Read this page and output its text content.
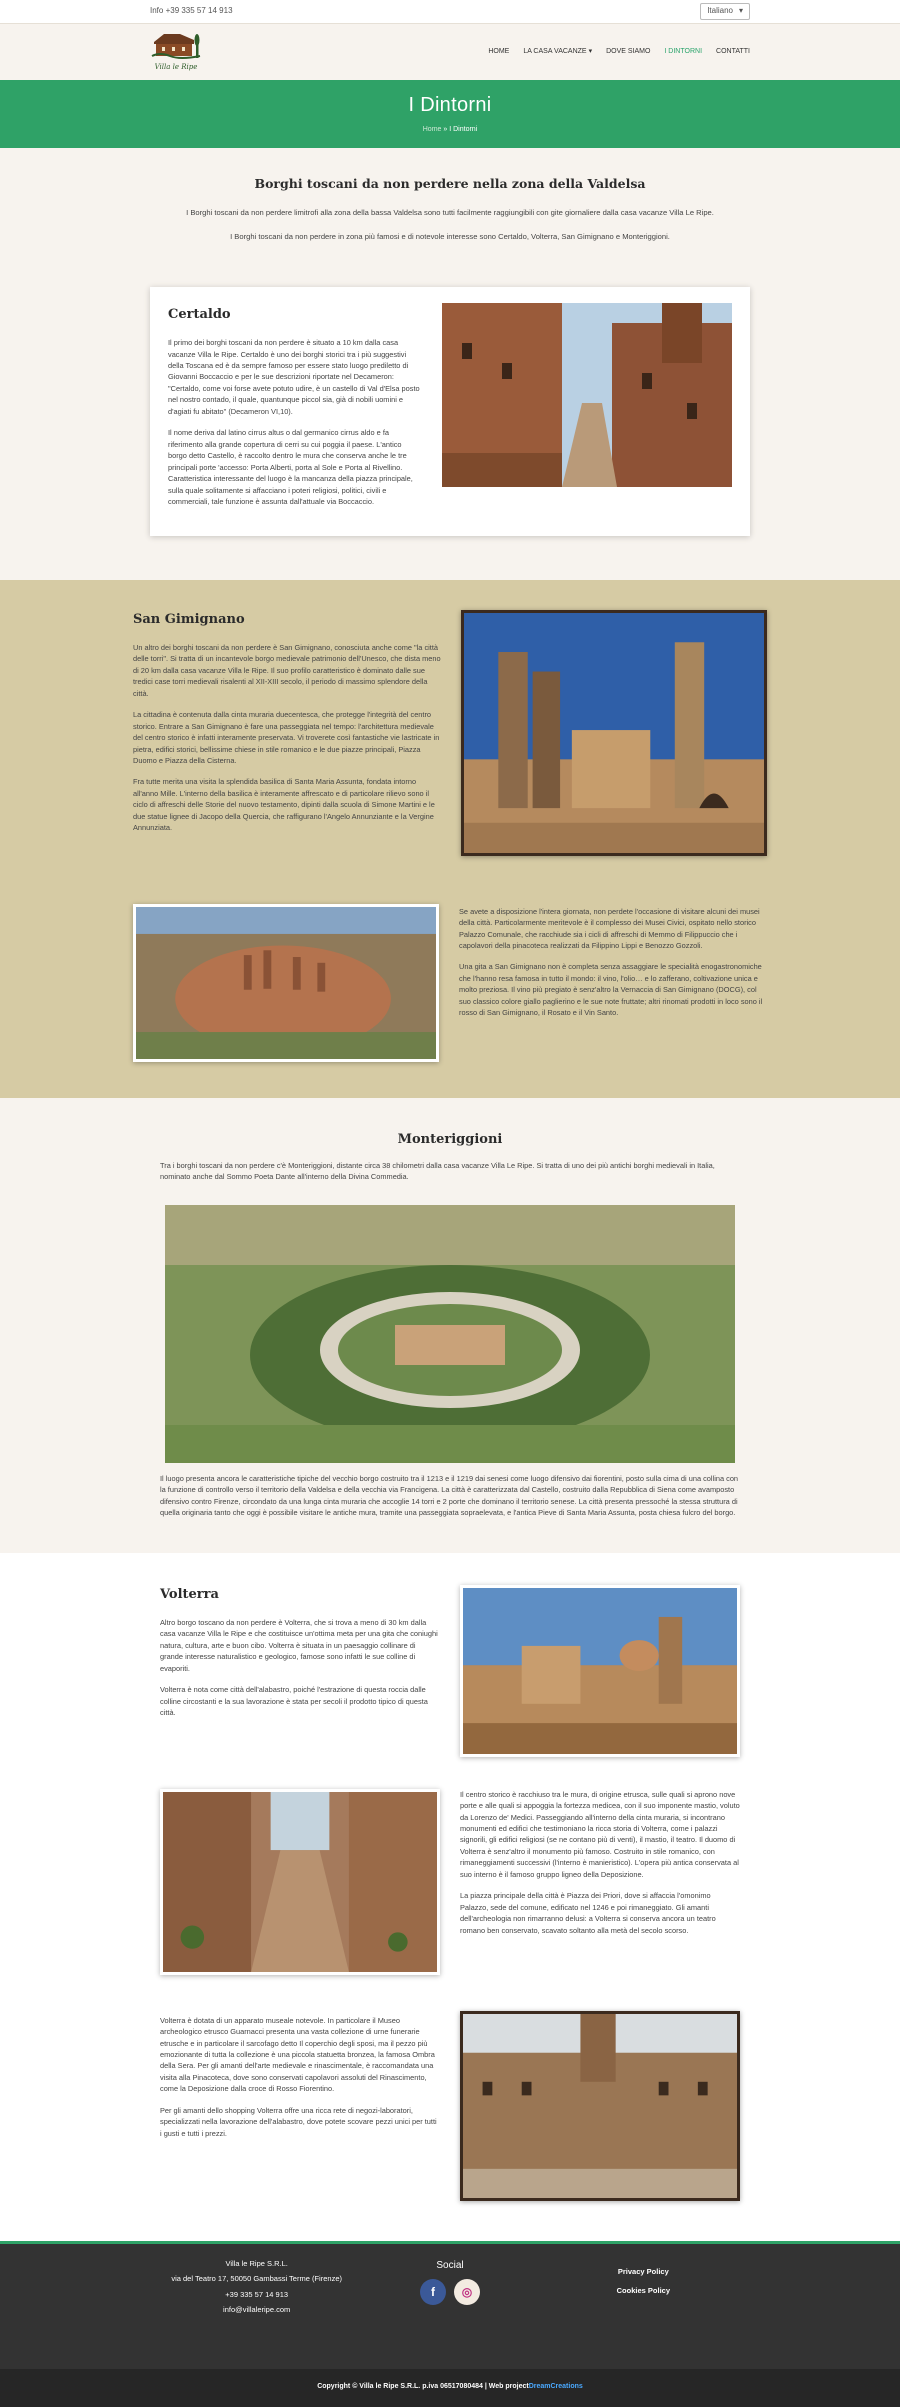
Info +39 335 57 14 913	Italiano ▾
Villa le Ripe
HOME LA CASA VACANZE ▾ DOVE SIAMO I DINTORNI CONTATTI
I Dintorni
Home » I Dintorni
Borghi toscani da non perdere nella zona della Valdelsa

I Borghi toscani da non perdere limitrofi alla zona della bassa Valdelsa sono tutti facilmente raggiungibili con gite giornaliere dalla casa vacanze Villa Le Ripe.

I Borghi toscani da non perdere in zona più famosi e di notevole interesse sono Certaldo, Volterra, San Gimignano e Monteriggioni.

Certaldo

Il primo dei borghi toscani da non perdere è situato a 10 km dalla casa vacanze Villa le Ripe. Certaldo è uno dei borghi storici tra i più suggestivi della Toscana ed è da sempre famoso per essere stato luogo prediletto di Giovanni Boccaccio e per le sue descrizioni riportate nel Decameron: "Certaldo, come voi forse avete potuto udire, è un castello di Val d'Elsa posto nel nostro contado, il quale, quantunque piccol sia, già di nobili uomini e d'agiati fu abitato" (Decameron VI,10).

Il nome deriva dal latino cirrus altus o dal germanico cirrus aldo e fa riferimento alla grande copertura di cerri su cui poggia il paese. L'antico borgo detto Castello, è raccolto dentro le mura che conserva anche le tre principali porte 'accesso: Porta Alberti, porta al Sole e Porta al Rivellino. Caratteristica interessante del luogo è la mancanza della piazza principale, sulla quale solitamente si affacciano i poteri religiosi, politici, civili e commerciali, tale funzione è assunta dall'attuale via Boccaccio.

San Gimignano

Un altro dei borghi toscani da non perdere è San Gimignano, conosciuta anche come "la città delle torri". Si tratta di un incantevole borgo medievale patrimonio dell'Unesco, che dista meno di 20 km dalla casa vacanze Villa le Ripe. Il suo profilo caratteristico è dominato dalle sue tredici case torri medievali risalenti al XII-XIII secolo, il periodo di massimo splendore della città.

La cittadina è contenuta dalla cinta muraria duecentesca, che protegge l'integrità del centro storico. Entrare a San Gimignano è fare una passeggiata nel tempo: l'architettura medievale del centro storico è infatti interamente preservata. Vi troverete così fantastiche vie lastricate in pietra, edifici storici, bellissime chiese in stile romanico e le due piazze principali, Piazza Duomo e Piazza della Cisterna.

Fra tutte merita una visita la splendida basilica di Santa Maria Assunta, fondata intorno all'anno Mille. L'interno della basilica è interamente affrescato e di particolare rilievo sono il ciclo di affreschi delle Storie del nuovo testamento, dipinti dalla scuola di Simone Martini e le due statue lignee di Jacopo della Quercia, che raffigurano l'Angelo Annunziante e la Vergine Annunziata.

Se avete a disposizione l'intera giornata, non perdete l'occasione di visitare alcuni dei musei della città. Particolarmente meritevole è il complesso dei Musei Civici, ospitato nello storico Palazzo Comunale, che racchiude sia i cicli di affreschi di Memmo di Filippuccio che i capolavori della pinacoteca realizzati da Filippino Lippi e Benozzo Gozzoli.

Una gita a San Gimignano non è completa senza assaggiare le specialità enogastronomiche che l'hanno resa famosa in tutto il mondo: il vino, l'olio… e lo zafferano, coltivazione unica e molto preziosa. Il vino più pregiato è senz'altro la Vernaccia di San Gimignano (DOCG), col suo classico colore giallo paglierino e le sue note fruttate; altri rinomati prodotti in loco sono il rosso di San Gimignano, il Rosato e il Vin Santo.

Monteriggioni

Tra i borghi toscani da non perdere c'è Monteriggioni, distante circa 38 chilometri dalla casa vacanze Villa Le Ripe. Si tratta di uno dei più antichi borghi medievali in Italia, nominato anche dal Sommo Poeta Dante all'interno della Divina Commedia.

Il luogo presenta ancora le caratteristiche tipiche del vecchio borgo costruito tra il 1213 e il 1219 dai senesi come luogo difensivo dai fiorentini, posto sulla cima di una collina con la funzione di controllo verso il territorio della Valdelsa e della vecchia via Francigena. La città è caratterizzata dal Castello, costruito dalla Repubblica di Siena come avamposto difensivo contro Firenze, circondato da una lunga cinta muraria che accoglie 14 torri e 2 porte che dominano il territorio senese. La città presenta pressoché la stessa struttura di quella originaria tanto che oggi è possibile visitare le antiche mura, tramite una passeggiata sopraelevata, e l'antica Pieve di Santa Maria Assunta, posta chiesa fulcro del borgo.

Volterra

Altro borgo toscano da non perdere è Volterra, che si trova a meno di 30 km dalla casa vacanze Villa le Ripe e che costituisce un'ottima meta per una gita che coniughi natura, cultura, arte e buon cibo. Volterra è situata in un paesaggio collinare di grande interesse naturalistico e geologico, famose sono infatti le sue colline di evaporiti.

Volterra è nota come città dell'alabastro, poiché l'estrazione di questa roccia dalle colline circostanti e la sua lavorazione è stata per secoli il prodotto tipico di questa città.

Il centro storico è racchiuso tra le mura, di origine etrusca, sulle quali si aprono nove porte e alle quali si appoggia la fortezza medicea, con il suo imponente mastio, voluto da Lorenzo de' Medici. Passeggiando all'interno della cinta muraria, si incontrano monumenti ed edifici che testimoniano la ricca storia di Volterra, come i palazzi signorili, gli edifici religiosi (se ne contano più di venti), il mastio, il teatro. Il duomo di Volterra è senz'altro il monumento più famoso. Costruito in stile romanico, con rimaneggiamenti successivi (l'interno è manieristico). L'opera più antica conservata al suo interno è il famoso gruppo ligneo della Deposizione.

La piazza principale della città è Piazza dei Priori, dove si affaccia l'omonimo Palazzo, sede del comune, edificato nel 1246 e poi rimaneggiato. Gli amanti dell'archeologia non rimarranno delusi: a Volterra si conserva ancora un teatro romano ben conservato, scavato soltanto alla metà del secolo scorso.

Volterra è dotata di un apparato museale notevole. In particolare il Museo archeologico etrusco Guarnacci presenta una vasta collezione di urne funerarie etrusche e in particolare il sarcofago detto Il coperchio degli sposi, ma il pezzo più emozionante di tutta la collezione è una piccola statuetta bronzea, la famosa Ombra della Sera. Per gli amanti dell'arte medievale e rinascimentale, è raccomandata una visita alla Pinacoteca, dove sono conservati capolavori assoluti del Rinascimento, come la Deposizione dalla croce di Rosso Fiorentino.

Per gli amanti dello shopping Volterra offre una ricca rete di negozi-laboratori, specializzati nella lavorazione dell'alabastro, dove potete scovare pezzi unici per tutti i gusti e tutti i prezzi.

Villa le Ripe S.R.L.

via del Teatro 17, 50050 Gambassi Terme (Firenze)

+39 335 57 14 913

info@villaleripe.com

Social
f	◎

Privacy Policy

Cookies Policy

Copyright © Villa le Ripe S.R.L. p.iva 06517080484 | Web project DreamCreations
